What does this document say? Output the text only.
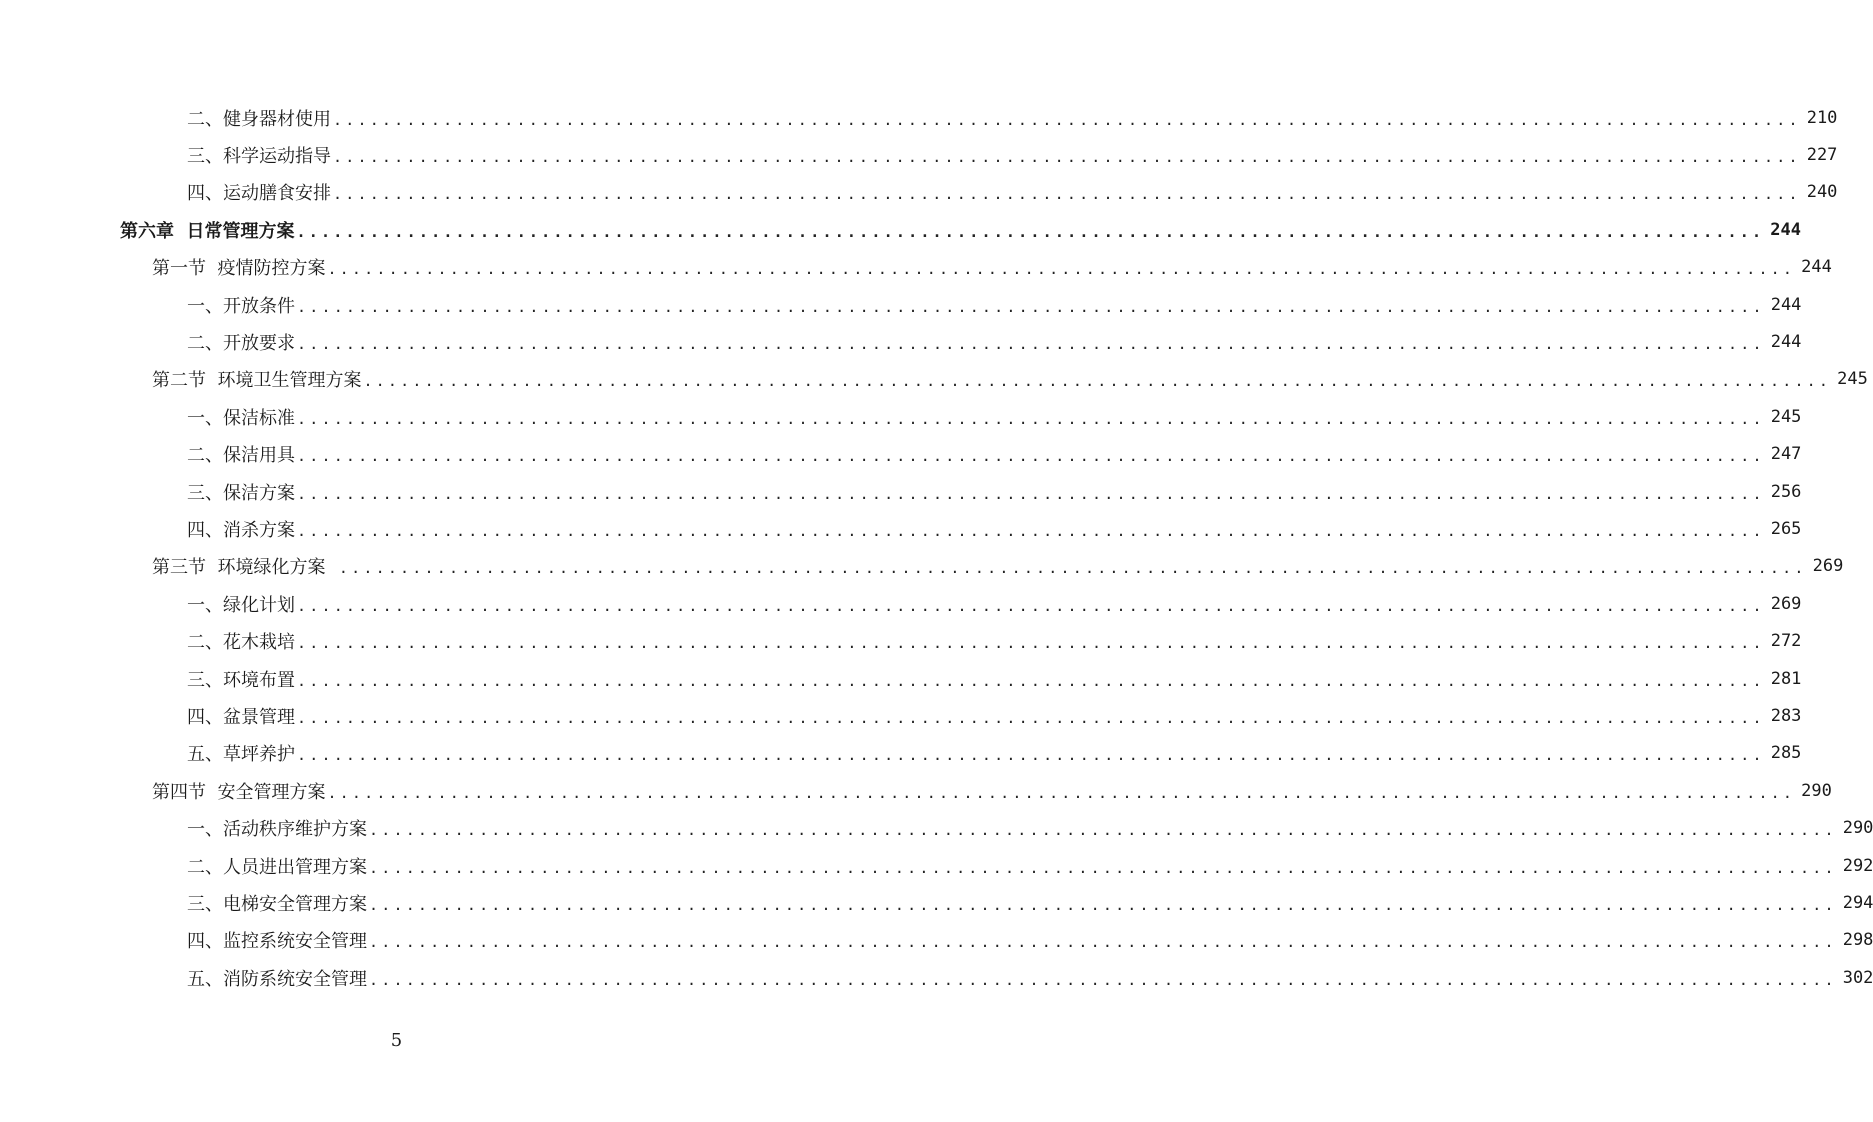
二、健身器材使用 ........................................................................................................................ 210
三、科学运动指导 ........................................................................................................................ 227
四、运动膳食安排 ........................................................................................................................ 240
第六章  日常管理方案 ........................................................................................................................ 244
第一节  疫情防控方案 ........................................................................................................................ 244
一、开放条件 ........................................................................................................................ 244
二、开放要求 ........................................................................................................................ 244
第二节  环境卫生管理方案 ........................................................................................................................ 245
一、保洁标准 ........................................................................................................................ 245
二、保洁用具 ........................................................................................................................ 247
三、保洁方案 ........................................................................................................................ 256
四、消杀方案 ........................................................................................................................ 265
第三节  环境绿化方案 ........................................................................................................................ 269
一、绿化计划 ........................................................................................................................ 269
二、花木栽培 ........................................................................................................................ 272
三、环境布置 ........................................................................................................................ 281
四、盆景管理 ........................................................................................................................ 283
五、草坪养护 ........................................................................................................................ 285
第四节  安全管理方案 ........................................................................................................................ 290
一、活动秩序维护方案 ........................................................................................................................ 290
二、人员进出管理方案 ........................................................................................................................ 292
三、电梯安全管理方案 ........................................................................................................................ 294
四、监控系统安全管理 ........................................................................................................................ 298
五、消防系统安全管理 ........................................................................................................................ 302
5
